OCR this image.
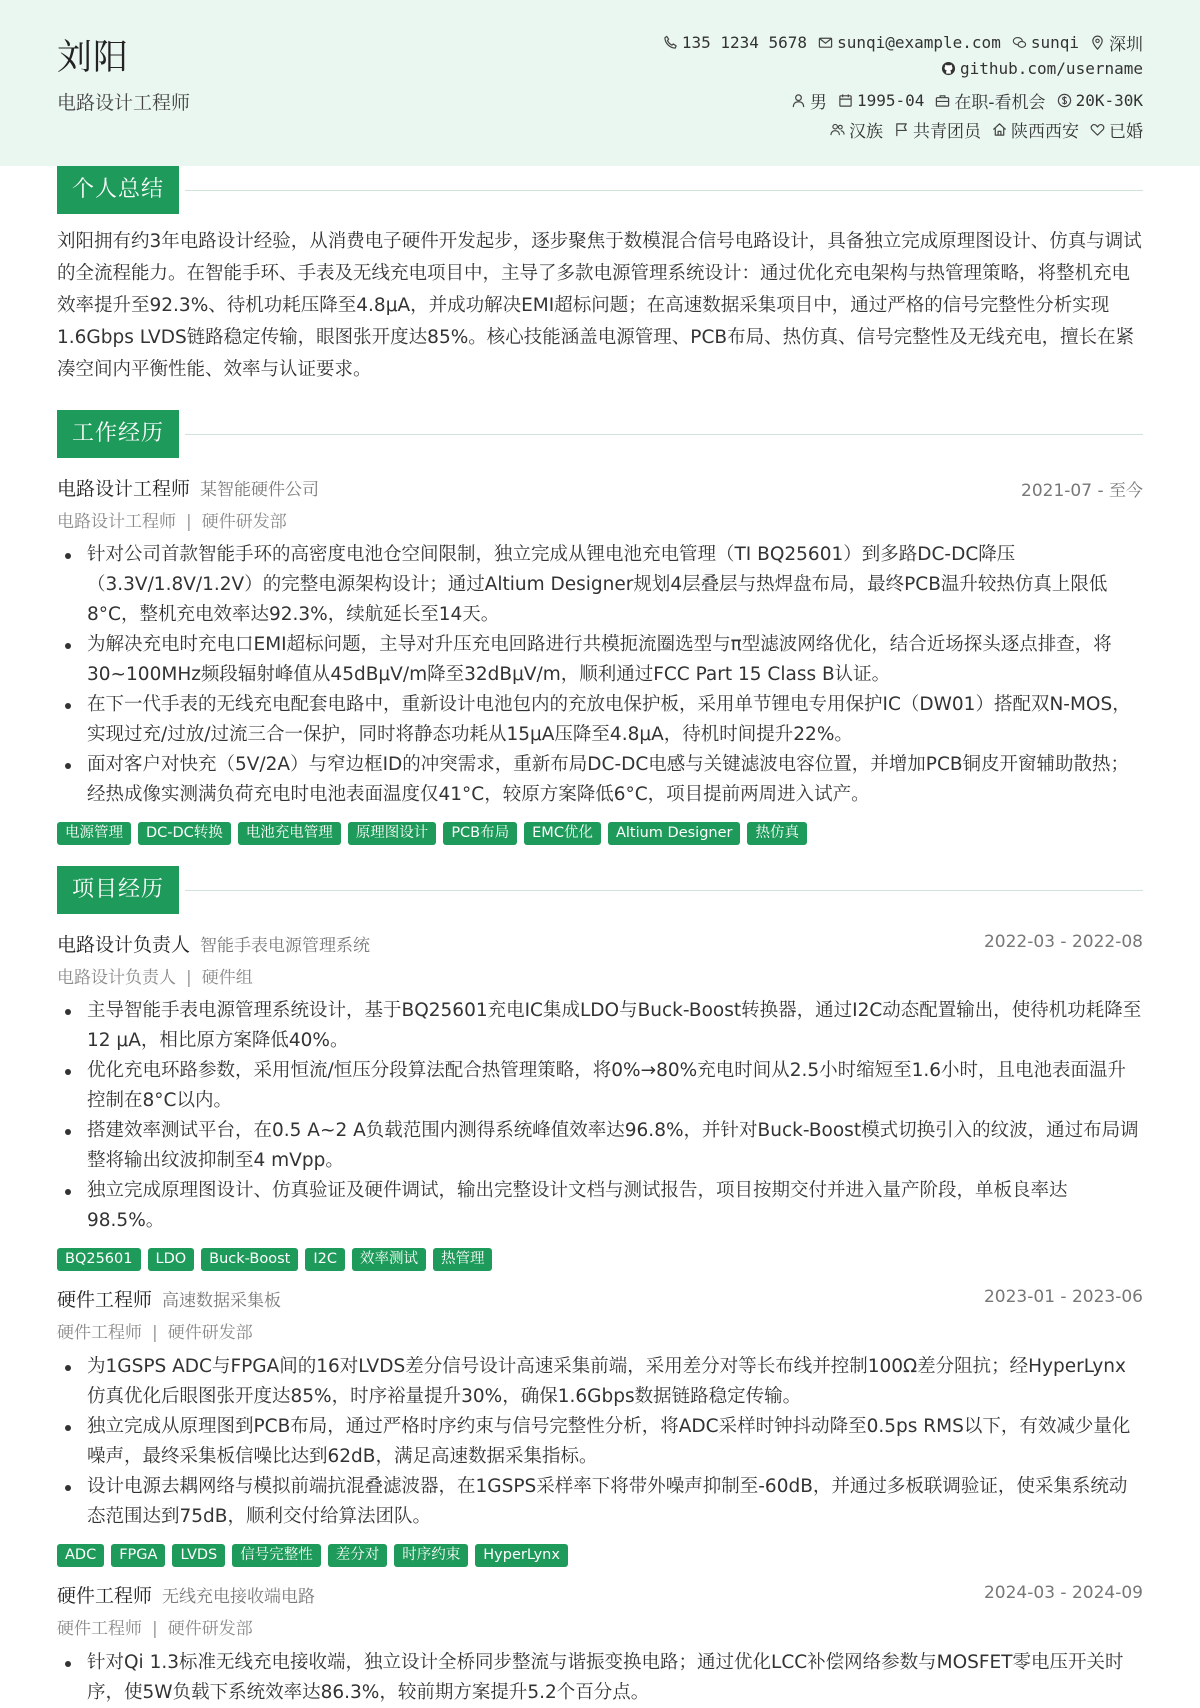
刘阳
电路设计工程师
135 1234 5678 sunqi@example.com sunqi 深圳
github.com/username
男 1995-04 在职-看机会 20K-30K
汉族 共青团员 陕西西安 已婚
个人总结
刘阳拥有约3年电路设计经验，从消费电子硬件开发起步，逐步聚焦于数模混合信号电路设计，具备独立完成原理图设计、仿真与调试的全流程能力。在智能手环、手表及无线充电项目中，主导了多款电源管理系统设计：通过优化充电架构与热管理策略，将整机充电效率提升至92.3%、待机功耗压降至4.8μA，并成功解决EMI超标问题；在高速数据采集项目中，通过严格的信号完整性分析实现1.6Gbps LVDS链路稳定传输，眼图张开度达85%。核心技能涵盖电源管理、PCB布局、热仿真、信号完整性及无线充电，擅长在紧凑空间内平衡性能、效率与认证要求。
工作经历
电路设计工程师 某智能硬件公司	2021-07 - 至今
电路设计工程师 | 硬件研发部
针对公司首款智能手环的高密度电池仓空间限制，独立完成从锂电池充电管理（TI BQ25601）到多路DC-DC降压（3.3V/1.8V/1.2V）的完整电源架构设计；通过Altium Designer规划4层叠层与热焊盘布局，最终PCB温升较热仿真上限低8°C，整机充电效率达92.3%，续航延长至14天。
为解决充电时充电口EMI超标问题，主导对升压充电回路进行共模扼流圈选型与π型滤波网络优化，结合近场探头逐点排查，将30~100MHz频段辐射峰值从45dBμV/m降至32dBμV/m，顺利通过FCC Part 15 Class B认证。
在下一代手表的无线充电配套电路中，重新设计电池包内的充放电保护板，采用单节锂电专用保护IC（DW01）搭配双N-MOS，实现过充/过放/过流三合一保护，同时将静态功耗从15μA压降至4.8μA，待机时间提升22%。
面对客户对快充（5V/2A）与窄边框ID的冲突需求，重新布局DC-DC电感与关键滤波电容位置，并增加PCB铜皮开窗辅助散热；经热成像实测满负荷充电时电池表面温度仅41°C，较原方案降低6°C，项目提前两周进入试产。
电源管理	DC-DC转换	电池充电管理	原理图设计	PCB布局	EMC优化	Altium Designer	热仿真
项目经历
电路设计负责人 智能手表电源管理系统	2022-03 - 2022-08
电路设计负责人 | 硬件组
主导智能手表电源管理系统设计，基于BQ25601充电IC集成LDO与Buck-Boost转换器，通过I2C动态配置输出，使待机功耗降至12 μA，相比原方案降低40%。
优化充电环路参数，采用恒流/恒压分段算法配合热管理策略，将0%→80%充电时间从2.5小时缩短至1.6小时，且电池表面温升控制在8°C以内。
搭建效率测试平台，在0.5 A~2 A负载范围内测得系统峰值效率达96.8%，并针对Buck-Boost模式切换引入的纹波，通过布局调整将输出纹波抑制至4 mVpp。
独立完成原理图设计、仿真验证及硬件调试，输出完整设计文档与测试报告，项目按期交付并进入量产阶段，单板良率达98.5%。
BQ25601	LDO	Buck-Boost	I2C	效率测试	热管理
硬件工程师 高速数据采集板	2023-01 - 2023-06
硬件工程师 | 硬件研发部
为1GSPS ADC与FPGA间的16对LVDS差分信号设计高速采集前端，采用差分对等长布线并控制100Ω差分阻抗；经HyperLynx仿真优化后眼图张开度达85%，时序裕量提升30%，确保1.6Gbps数据链路稳定传输。
独立完成从原理图到PCB布局，通过严格时序约束与信号完整性分析，将ADC采样时钟抖动降至0.5ps RMS以下，有效减少量化噪声，最终采集板信噪比达到62dB，满足高速数据采集指标。
设计电源去耦网络与模拟前端抗混叠滤波器，在1GSPS采样率下将带外噪声抑制至-60dB，并通过多板联调验证，使采集系统动态范围达到75dB，顺利交付给算法团队。
ADC	FPGA	LVDS	信号完整性	差分对	时序约束	HyperLynx
硬件工程师 无线充电接收端电路	2024-03 - 2024-09
硬件工程师 | 硬件研发部
针对Qi 1.3标准无线充电接收端，独立设计全桥同步整流与谐振变换电路；通过优化LCC补偿网络参数与MOSFET零电压开关时序，使5W负载下系统效率达86.3%，较前期方案提升5.2个百分点。
